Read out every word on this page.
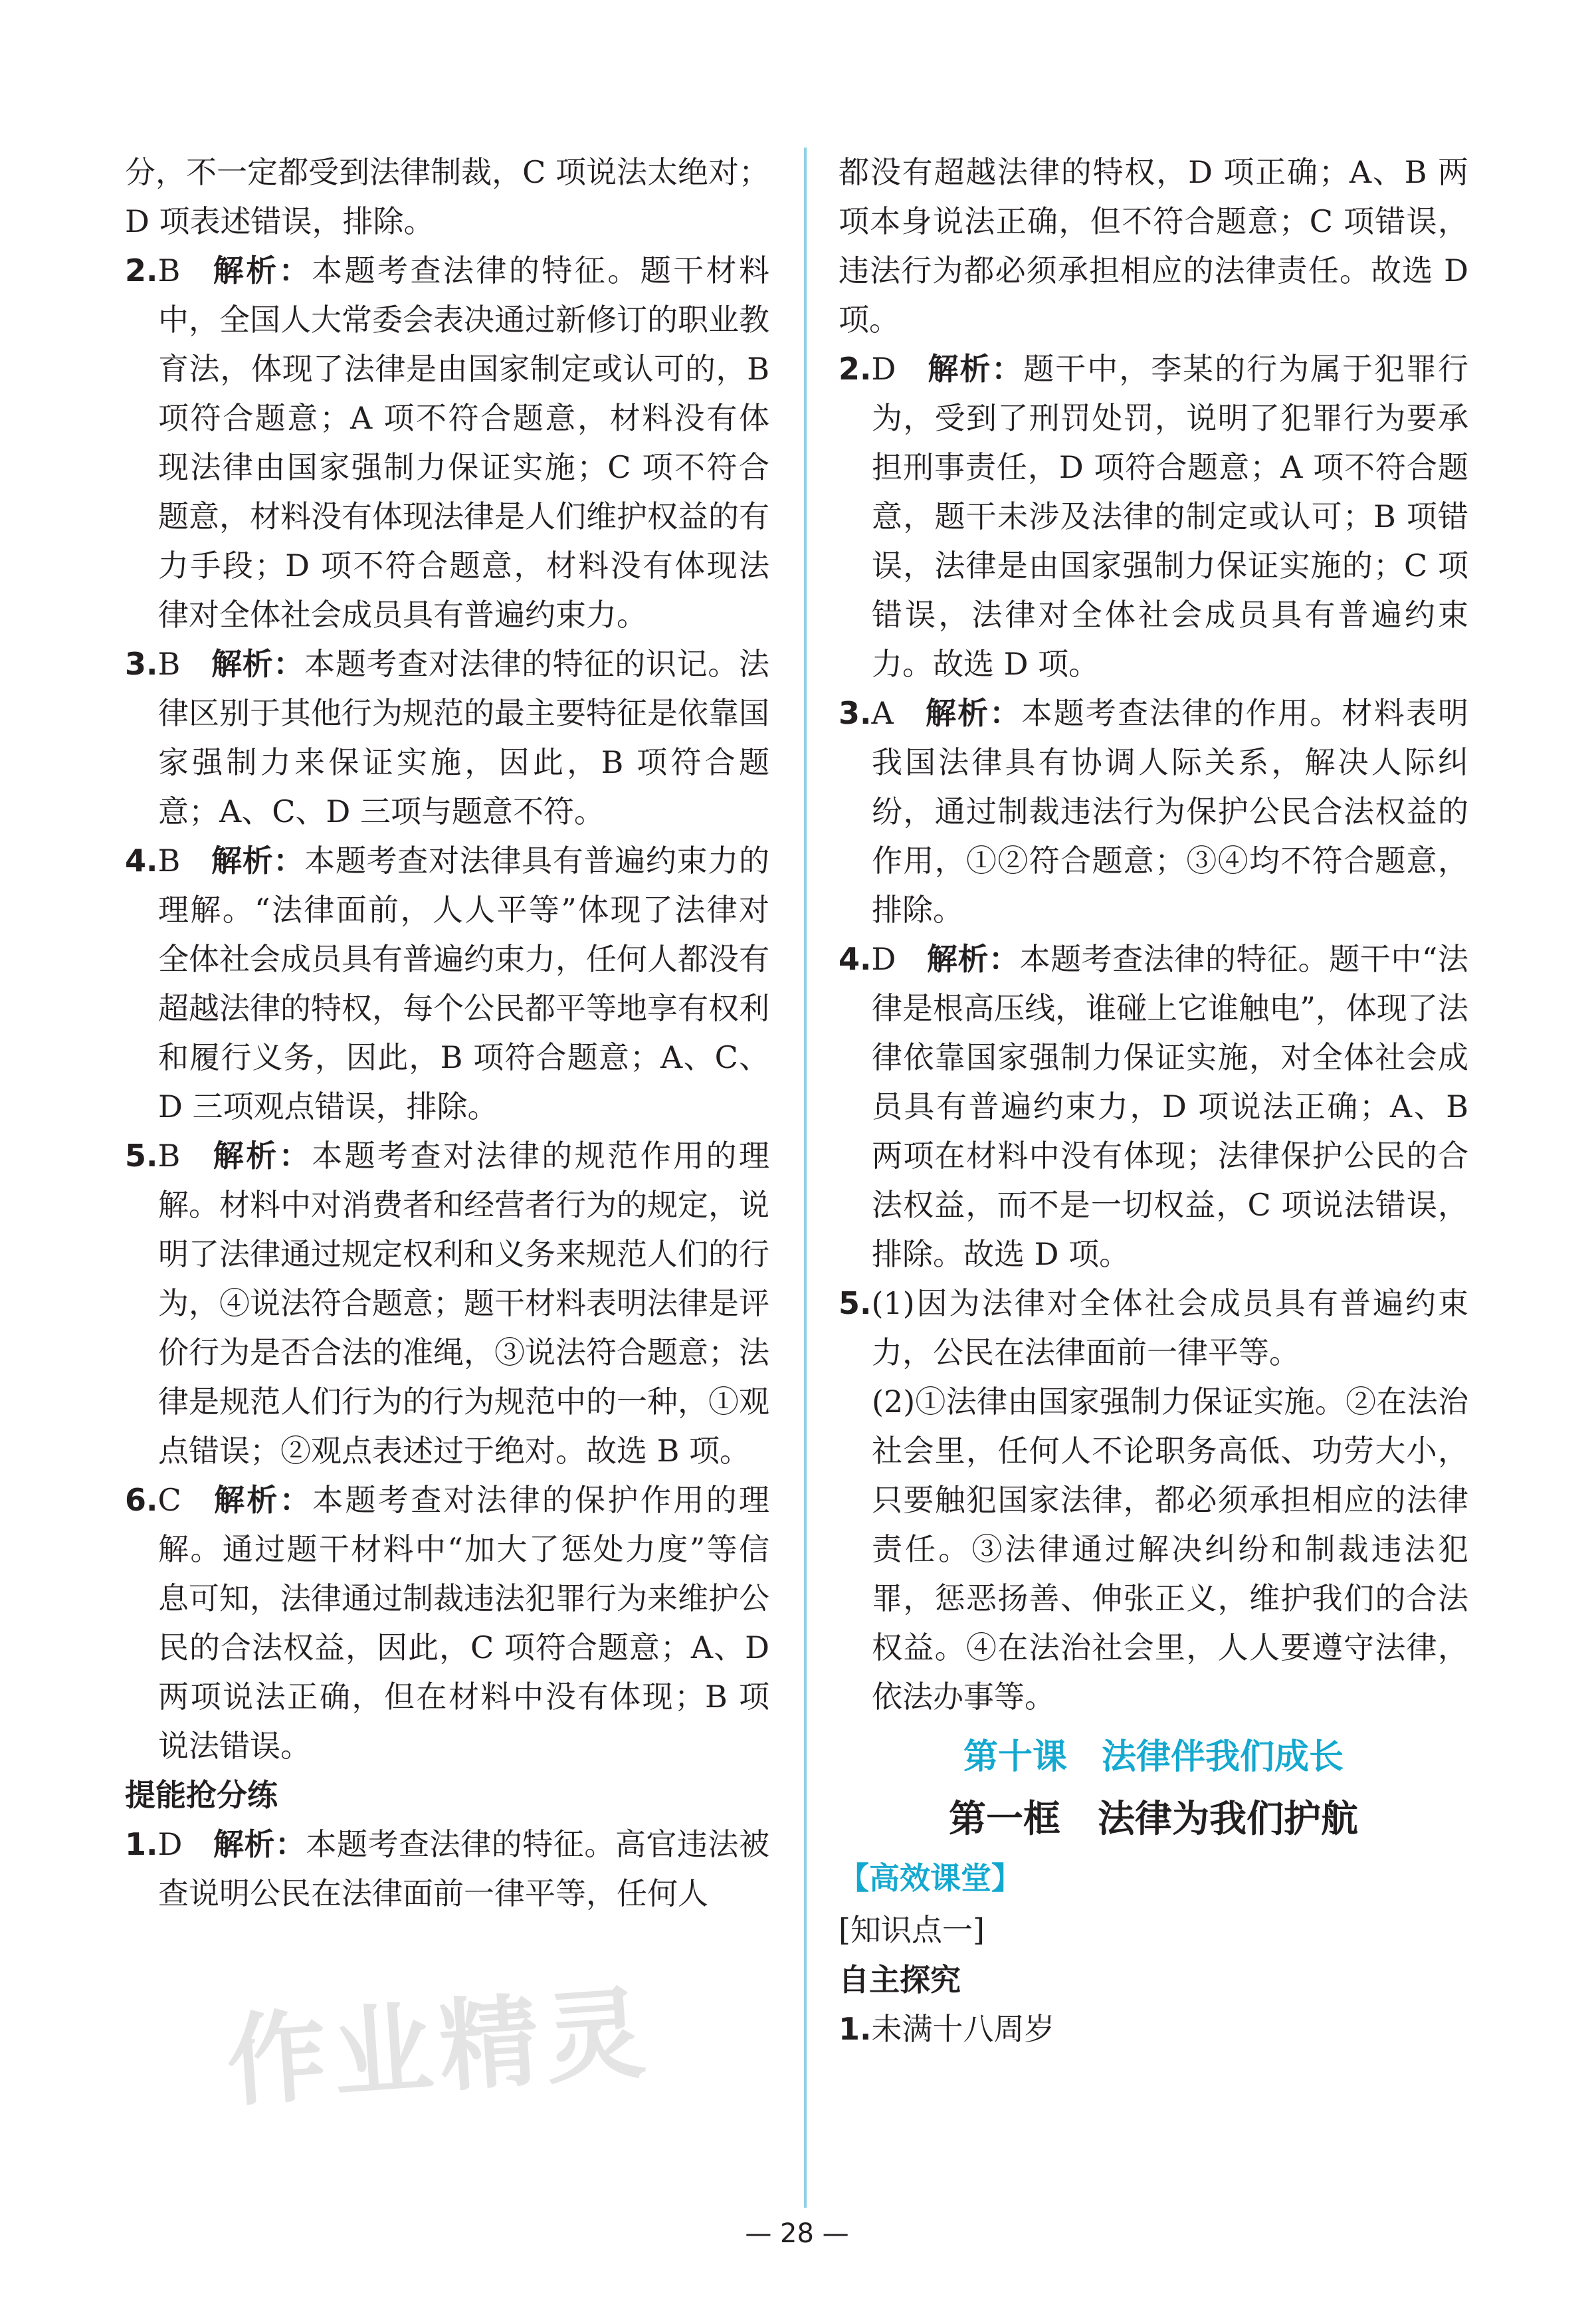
分，不一定都受到法律制裁，C 项说法太绝对；D 项表述错误，排除。

2.B  解析：本题考查法律的特征。题干材料中，全国人大常委会表决通过新修订的职业教育法，体现了法律是由国家制定或认可的，B 项符合题意；A 项不符合题意，材料没有体现法律由国家强制力保证实施；C 项不符合题意，材料没有体现法律是人们维护权益的有力手段；D 项不符合题意，材料没有体现法律对全体社会成员具有普遍约束力。

3.B  解析：本题考查对法律的特征的识记。法律区别于其他行为规范的最主要特征是依靠国家强制力来保证实施，因此，B 项符合题意；A、C、D 三项与题意不符。

4.B  解析：本题考查对法律具有普遍约束力的理解。“法律面前，人人平等”体现了法律对全体社会成员具有普遍约束力，任何人都没有超越法律的特权，每个公民都平等地享有权利和履行义务，因此，B 项符合题意；A、C、D 三项观点错误，排除。

5.B  解析：本题考查对法律的规范作用的理解。材料中对消费者和经营者行为的规定，说明了法律通过规定权利和义务来规范人们的行为，④说法符合题意；题干材料表明法律是评价行为是否合法的准绳，③说法符合题意；法律是规范人们行为的行为规范中的一种，①观点错误；②观点表述过于绝对。故选 B 项。

6.C  解析：本题考查对法律的保护作用的理解。通过题干材料中“加大了惩处力度”等信息可知，法律通过制裁违法犯罪行为来维护公民的合法权益，因此，C 项符合题意；A、D 两项说法正确，但在材料中没有体现；B 项说法错误。

提能抢分练

1.D  解析：本题考查法律的特征。高官违法被查说明公民在法律面前一律平等，任何人

都没有超越法律的特权，D 项正确；A、B 两项本身说法正确，但不符合题意；C 项错误，违法行为都必须承担相应的法律责任。故选 D 项。

2.D  解析：题干中，李某的行为属于犯罪行为，受到了刑罚处罚，说明了犯罪行为要承担刑事责任，D 项符合题意；A 项不符合题意，题干未涉及法律的制定或认可；B 项错误，法律是由国家强制力保证实施的；C 项错误，法律对全体社会成员具有普遍约束力。故选 D 项。

3.A  解析：本题考查法律的作用。材料表明我国法律具有协调人际关系，解决人际纠纷，通过制裁违法行为保护公民合法权益的作用，①②符合题意；③④均不符合题意，排除。

4.D  解析：本题考查法律的特征。题干中“法律是根高压线，谁碰上它谁触电”，体现了法律依靠国家强制力保证实施，对全体社会成员具有普遍约束力，D 项说法正确；A、B 两项在材料中没有体现；法律保护公民的合法权益，而不是一切权益，C 项说法错误，排除。故选 D 项。

5.(1)因为法律对全体社会成员具有普遍约束力，公民在法律面前一律平等。

(2)①法律由国家强制力保证实施。②在法治社会里，任何人不论职务高低、功劳大小，只要触犯国家法律，都必须承担相应的法律责任。③法律通过解决纠纷和制裁违法犯罪，惩恶扬善、伸张正义，维护我们的合法权益。④在法治社会里，人人要遵守法律，依法办事等。

第十课　法律伴我们成长

第一框　法律为我们护航

【高效课堂】

[知识点一]

自主探究

1.未满十八周岁

作业精灵
— 28 —
